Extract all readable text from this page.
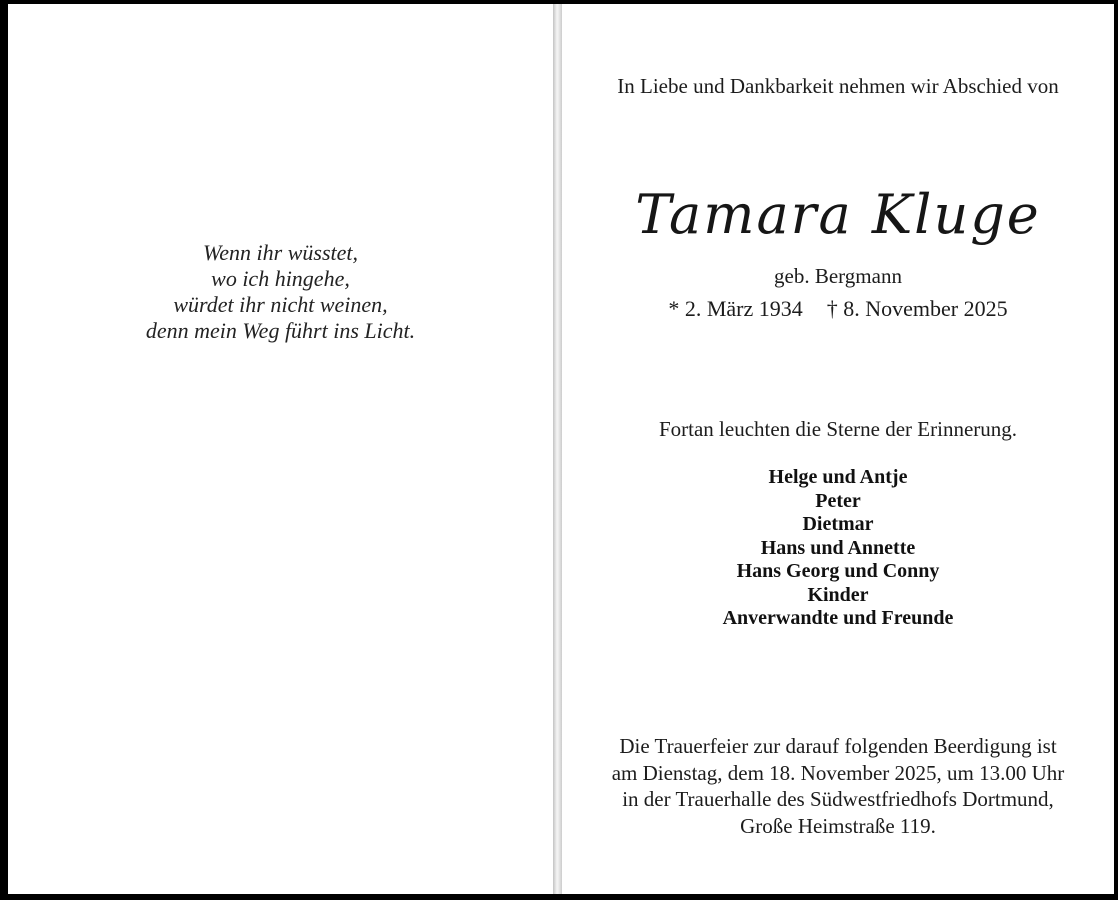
Wenn ihr wüsstet,
wo ich hingehe,
würdet ihr nicht weinen,
denn mein Weg führt ins Licht.
In Liebe und Dankbarkeit nehmen wir Abschied von
Tamara Kluge
geb. Bergmann
* 2. März 1934 † 8. November 2025
Fortan leuchten die Sterne der Erinnerung.
Helge und Antje
Peter
Dietmar
Hans und Annette
Hans Georg und Conny
Kinder
Anverwandte und Freunde
Die Trauerfeier zur darauf folgenden Beerdigung ist
am Dienstag, dem 18. November 2025, um 13.00 Uhr
in der Trauerhalle des Südwestfriedhofs Dortmund,
Große Heimstraße 119.
